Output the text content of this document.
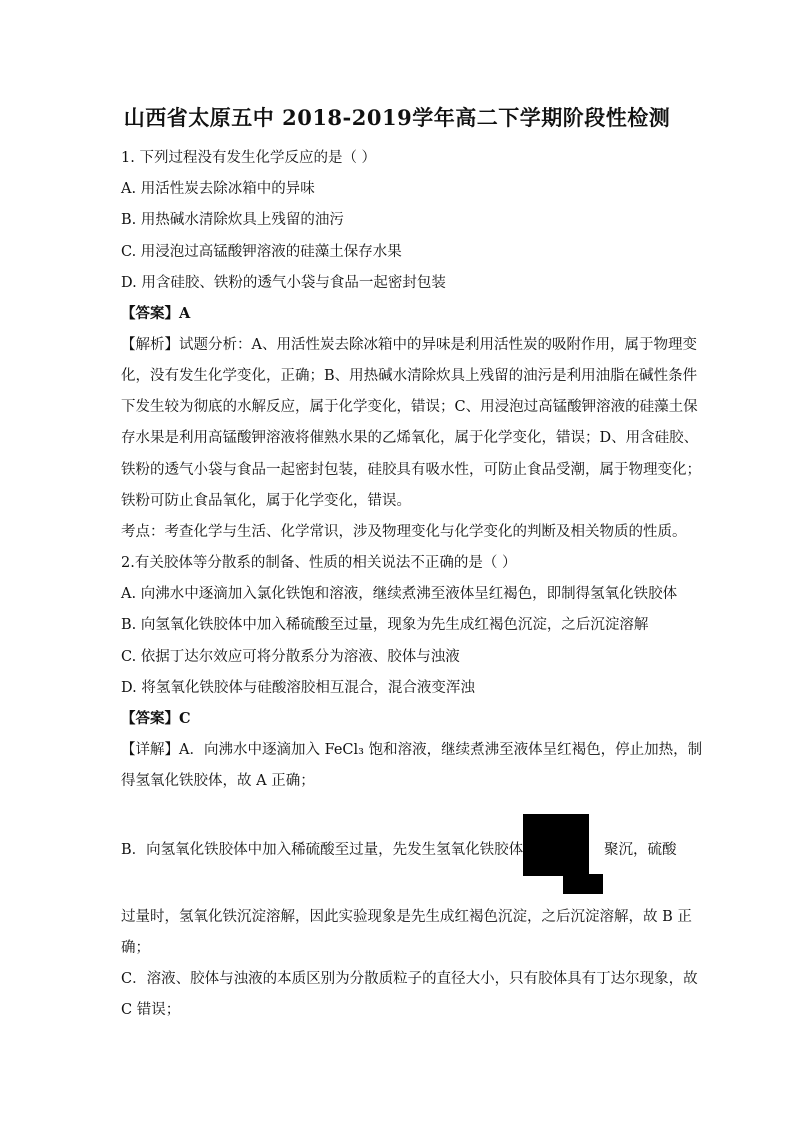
山西省太原五中 2018-2019学年高二下学期阶段性检测
1. 下列过程没有发生化学反应的是（ ）
A. 用活性炭去除冰箱中的异味
B. 用热碱水清除炊具上残留的油污
C. 用浸泡过高锰酸钾溶液的硅藻土保存水果
D. 用含硅胶、铁粉的透气小袋与食品一起密封包装
【答案】A
【解析】试题分析：A、用活性炭去除冰箱中的异味是利用活性炭的吸附作用，属于物理变
化，没有发生化学变化，正确；B、用热碱水清除炊具上残留的油污是利用油脂在碱性条件
下发生较为彻底的水解反应，属于化学变化，错误；C、用浸泡过高锰酸钾溶液的硅藻土保
存水果是利用高锰酸钾溶液将催熟水果的乙烯氧化，属于化学变化，错误；D、用含硅胶、
铁粉的透气小袋与食品一起密封包装，硅胶具有吸水性，可防止食品受潮，属于物理变化；
铁粉可防止食品氧化，属于化学变化，错误。
考点：考查化学与生活、化学常识，涉及物理变化与化学变化的判断及相关物质的性质。
2.有关胶体等分散系的制备、性质的相关说法不正确的是（ ）
A. 向沸水中逐滴加入氯化铁饱和溶液，继续煮沸至液体呈红褐色，即制得氢氧化铁胶体
B. 向氢氧化铁胶体中加入稀硫酸至过量，现象为先生成红褐色沉淀，之后沉淀溶解
C. 依据丁达尔效应可将分散系分为溶液、胶体与浊液
D. 将氢氧化铁胶体与硅酸溶胶相互混合，混合液变浑浊
【答案】C
【详解】A．向沸水中逐滴加入 FeCl₃ 饱和溶液，继续煮沸至液体呈红褐色，停止加热，制
得氢氧化铁胶体，故 A 正确；
B．向氢氧化铁胶体中加入稀硫酸至过量，先发生氢氧化铁胶体	聚沉，硫酸
过量时，氢氧化铁沉淀溶解，因此实验现象是先生成红褐色沉淀，之后沉淀溶解，故 B 正
确；
C．溶液、胶体与浊液的本质区别为分散质粒子的直径大小，只有胶体具有丁达尔现象，故
C 错误；
